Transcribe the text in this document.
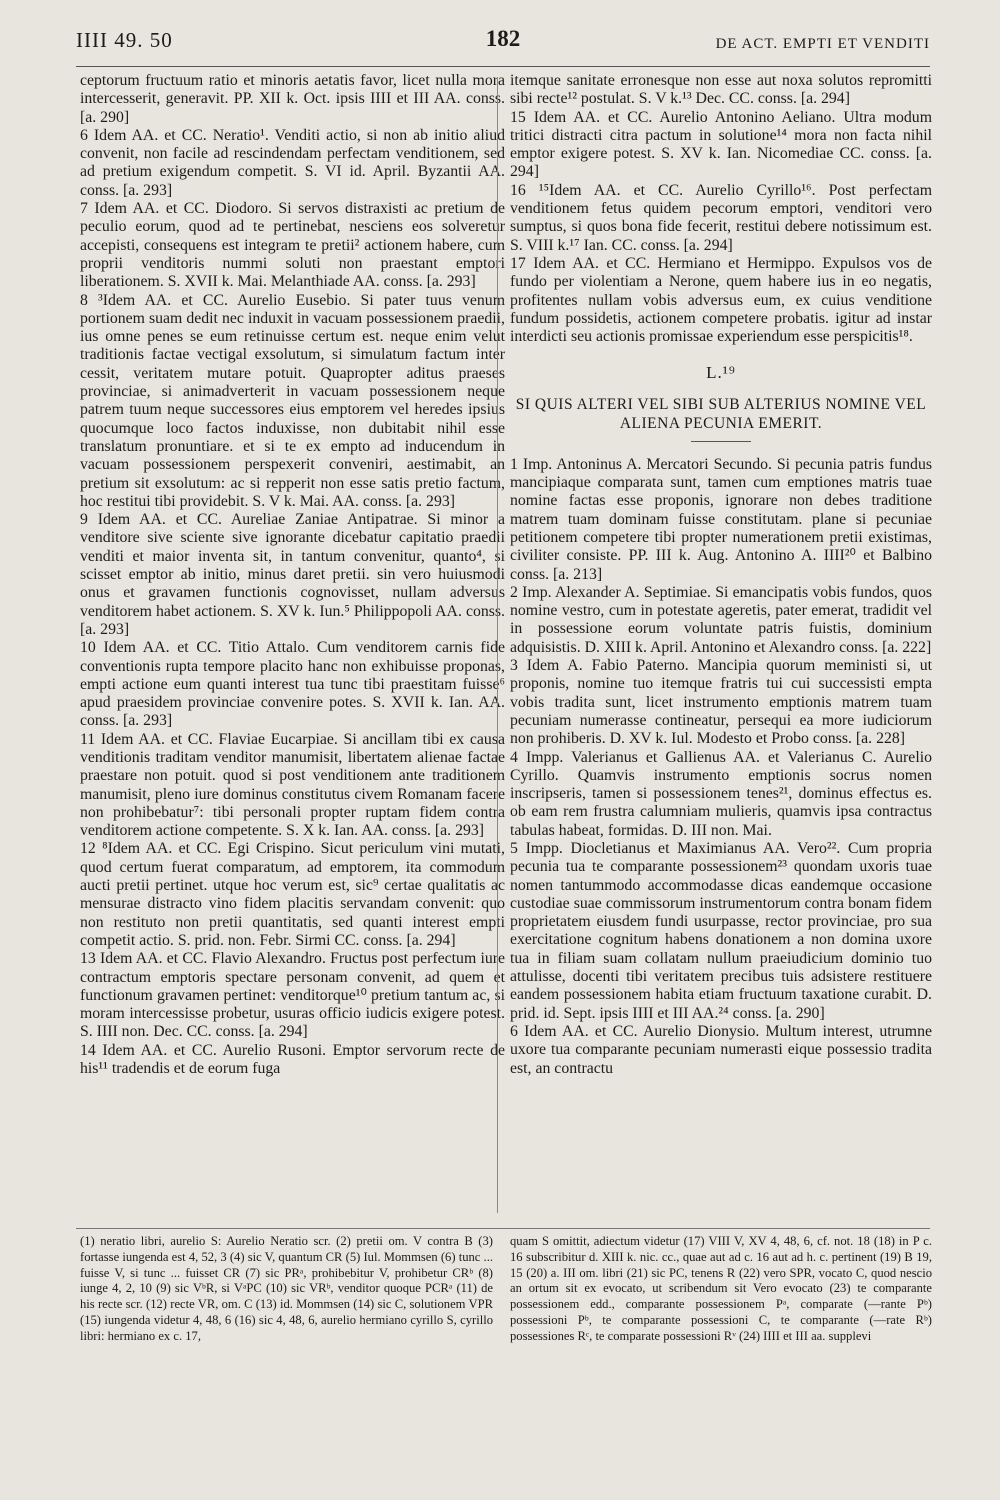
IIII 49. 50	182	DE ACT. EMPTI ET VENDITI

ceptorum fructuum ratio et minoris aetatis favor, licet nulla mora intercesserit, generavit. PP. XII k. Oct. ipsis IIII et III AA. conss. [a. 290]

6 Idem AA. et CC. Neratio¹. Venditi actio, si non ab initio aliud convenit, non facile ad rescindendam perfectam venditionem, sed ad pretium exigendum competit. S. VI id. April. Byzantii AA. conss. [a. 293]

7 Idem AA. et CC. Diodoro. Si servos distraxisti ac pretium de peculio eorum, quod ad te pertinebat, nesciens eos solveretur accepisti, consequens est integram te pretii² actionem habere, cum proprii venditoris nummi soluti non praestant emptori liberationem. S. XVII k. Mai. Melanthiade AA. conss. [a. 293]

8 ³Idem AA. et CC. Aurelio Eusebio. Si pater tuus venum portionem suam dedit nec induxit in vacuam possessionem praedii, ius omne penes se eum retinuisse certum est. neque enim velut traditionis factae vectigal exsolutum, si simulatum factum inter cessit, veritatem mutare potuit. Quapropter aditus praeses provinciae, si animadverterit in vacuam possessionem neque patrem tuum neque successores eius emptorem vel heredes ipsius quocumque loco factos induxisse, non dubitabit nihil esse translatum pronuntiare. et si te ex empto ad inducendum in vacuam possessionem perspexerit conveniri, aestimabit, an pretium sit exsolutum: ac si repperit non esse satis pretio factum, hoc restitui tibi providebit. S. V k. Mai. AA. conss. [a. 293]

9 Idem AA. et CC. Aureliae Zaniae Antipatrae. Si minor a venditore sive sciente sive ignorante dicebatur capitatio praedii venditi et maior inventa sit, in tantum convenitur, quanto⁴, si scisset emptor ab initio, minus daret pretii. sin vero huiusmodi onus et gravamen functionis cognovisset, nullam adversus venditorem habet actionem. S. XV k. Iun.⁵ Philippopoli AA. conss. [a. 293]

10 Idem AA. et CC. Titio Attalo. Cum venditorem carnis fide conventionis rupta tempore placito hanc non exhibuisse proponas, empti actione eum quanti interest tua tunc tibi praestitam fuisse⁶ apud praesidem provinciae convenire potes. S. XVII k. Ian. AA. conss. [a. 293]

11 Idem AA. et CC. Flaviae Eucarpiae. Si ancillam tibi ex causa venditionis traditam venditor manumisit, libertatem alienae factae praestare non potuit. quod si post venditionem ante traditionem manumisit, pleno iure dominus constitutus civem Romanam facere non prohibebatur⁷: tibi personali propter ruptam fidem contra venditorem actione competente. S. X k. Ian. AA. conss. [a. 293]

12 ⁸Idem AA. et CC. Egi Crispino. Sicut periculum vini mutati, quod certum fuerat comparatum, ad emptorem, ita commodum aucti pretii pertinet. utque hoc verum est, sic⁹ certae qualitatis ac mensurae distracto vino fidem placitis servandam convenit: quo non restituto non pretii quantitatis, sed quanti interest empti competit actio. S. prid. non. Febr. Sirmi CC. conss. [a. 294]

13 Idem AA. et CC. Flavio Alexandro. Fructus post perfectum iure contractum emptoris spectare personam convenit, ad quem et functionum gravamen pertinet: venditorque¹⁰ pretium tantum ac, si moram intercessisse probetur, usuras officio iudicis exigere potest. S. IIII non. Dec. CC. conss. [a. 294]

14 Idem AA. et CC. Aurelio Rusoni. Emptor servorum recte de his¹¹ tradendis et de eorum fuga

itemque sanitate erronesque non esse aut noxa solutos repromitti sibi recte¹² postulat. S. V k.¹³ Dec. CC. conss. [a. 294]

15 Idem AA. et CC. Aurelio Antonino Aeliano. Ultra modum tritici distracti citra pactum in solutione¹⁴ mora non facta nihil emptor exigere potest. S. XV k. Ian. Nicomediae CC. conss. [a. 294]

16 ¹⁵Idem AA. et CC. Aurelio Cyrillo¹⁶. Post perfectam venditionem fetus quidem pecorum emptori, venditori vero sumptus, si quos bona fide fecerit, restitui debere notissimum est. S. VIII k.¹⁷ Ian. CC. conss. [a. 294]

17 Idem AA. et CC. Hermiano et Hermippo. Expulsos vos de fundo per violentiam a Nerone, quem habere ius in eo negatis, profitentes nullam vobis adversus eum, ex cuius venditione fundum possidetis, actionem competere probatis. igitur ad instar interdicti seu actionis promissae experiendum esse perspicitis¹⁸.

L.¹⁹
SI QUIS ALTERI VEL SIBI SUB ALTERIUS NOMINE VEL ALIENA PECUNIA EMERIT.

1 Imp. Antoninus A. Mercatori Secundo. Si pecunia patris fundus mancipiaque comparata sunt, tamen cum emptiones matris tuae nomine factas esse proponis, ignorare non debes traditione matrem tuam dominam fuisse constitutam. plane si pecuniae petitionem competere tibi propter numerationem pretii existimas, civiliter consiste. PP. III k. Aug. Antonino A. IIII²⁰ et Balbino conss. [a. 213]

2 Imp. Alexander A. Septimiae. Si emancipatis vobis fundos, quos nomine vestro, cum in potestate ageretis, pater emerat, tradidit vel in possessione eorum voluntate patris fuistis, dominium adquisistis. D. XIII k. April. Antonino et Alexandro conss. [a. 222]

3 Idem A. Fabio Paterno. Mancipia quorum meministi si, ut proponis, nomine tuo itemque fratris tui cui successisti empta vobis tradita sunt, licet instrumento emptionis matrem tuam pecuniam numerasse contineatur, persequi ea more iudiciorum non prohiberis. D. XV k. Iul. Modesto et Probo conss. [a. 228]

4 Impp. Valerianus et Gallienus AA. et Valerianus C. Aurelio Cyrillo. Quamvis instrumento emptionis socrus nomen inscripseris, tamen si possessionem tenes²¹, dominus effectus es. ob eam rem frustra calumniam mulieris, quamvis ipsa contractus tabulas habeat, formidas. D. III non. Mai.

5 Impp. Diocletianus et Maximianus AA. Vero²². Cum propria pecunia tua te comparante possessionem²³ quondam uxoris tuae nomen tantummodo accommodasse dicas eandemque occasione custodiae suae commissorum instrumentorum contra bonam fidem proprietatem eiusdem fundi usurpasse, rector provinciae, pro sua exercitatione cognitum habens donationem a non domina uxore tua in filiam suam collatam nullum praeiudicium dominio tuo attulisse, docenti tibi veritatem precibus tuis adsistere restituere eandem possessionem habita etiam fructuum taxatione curabit. D. prid. id. Sept. ipsis IIII et III AA.²⁴ conss. [a. 290]

6 Idem AA. et CC. Aurelio Dionysio. Multum interest, utrumne uxore tua comparante pecuniam numerasti eique possessio tradita est, an contractu

(1) neratio libri, aurelio S: Aurelio Neratio scr. (2) pretii om. V contra B (3) fortasse iungenda est 4, 52, 3 (4) sic V, quantum CR (5) Iul. Mommsen (6) tunc ... fuisse V, si tunc ... fuisset CR (7) sic PRᵃ, prohibebitur V, prohibetur CRᵇ (8) iunge 4, 2, 10 (9) sic VᵇR, si VᵃPC (10) sic VRᵇ, venditor quoque PCRᵃ (11) de his recte scr. (12) recte VR, om. C (13) id. Mommsen (14) sic C, solutionem VPR (15) iungenda videtur 4, 48, 6 (16) sic 4, 48, 6, aurelio hermiano cyrillo S, cyrillo libri: hermiano ex c. 17,
quam S omittit, adiectum videtur (17) VIII V, XV 4, 48, 6, cf. not. 18 (18) in P c. 16 subscribitur d. XIII k. nic. cc., quae aut ad c. 16 aut ad h. c. pertinent (19) B 19, 15 (20) a. III om. libri (21) sic PC, tenens R (22) vero SPR, vocato C, quod nescio an ortum sit ex evocato, ut scribendum sit Vero evocato (23) te comparante possessionem edd., comparante possessionem Pᵃ, comparate (—rante Pᵇ) possessioni Pᵇ, te comparante possessioni C, te comparante (—rate Rᵇ) possessiones Rᶜ, te comparate possessioni Rᵛ (24) IIII et III aa. supplevi
